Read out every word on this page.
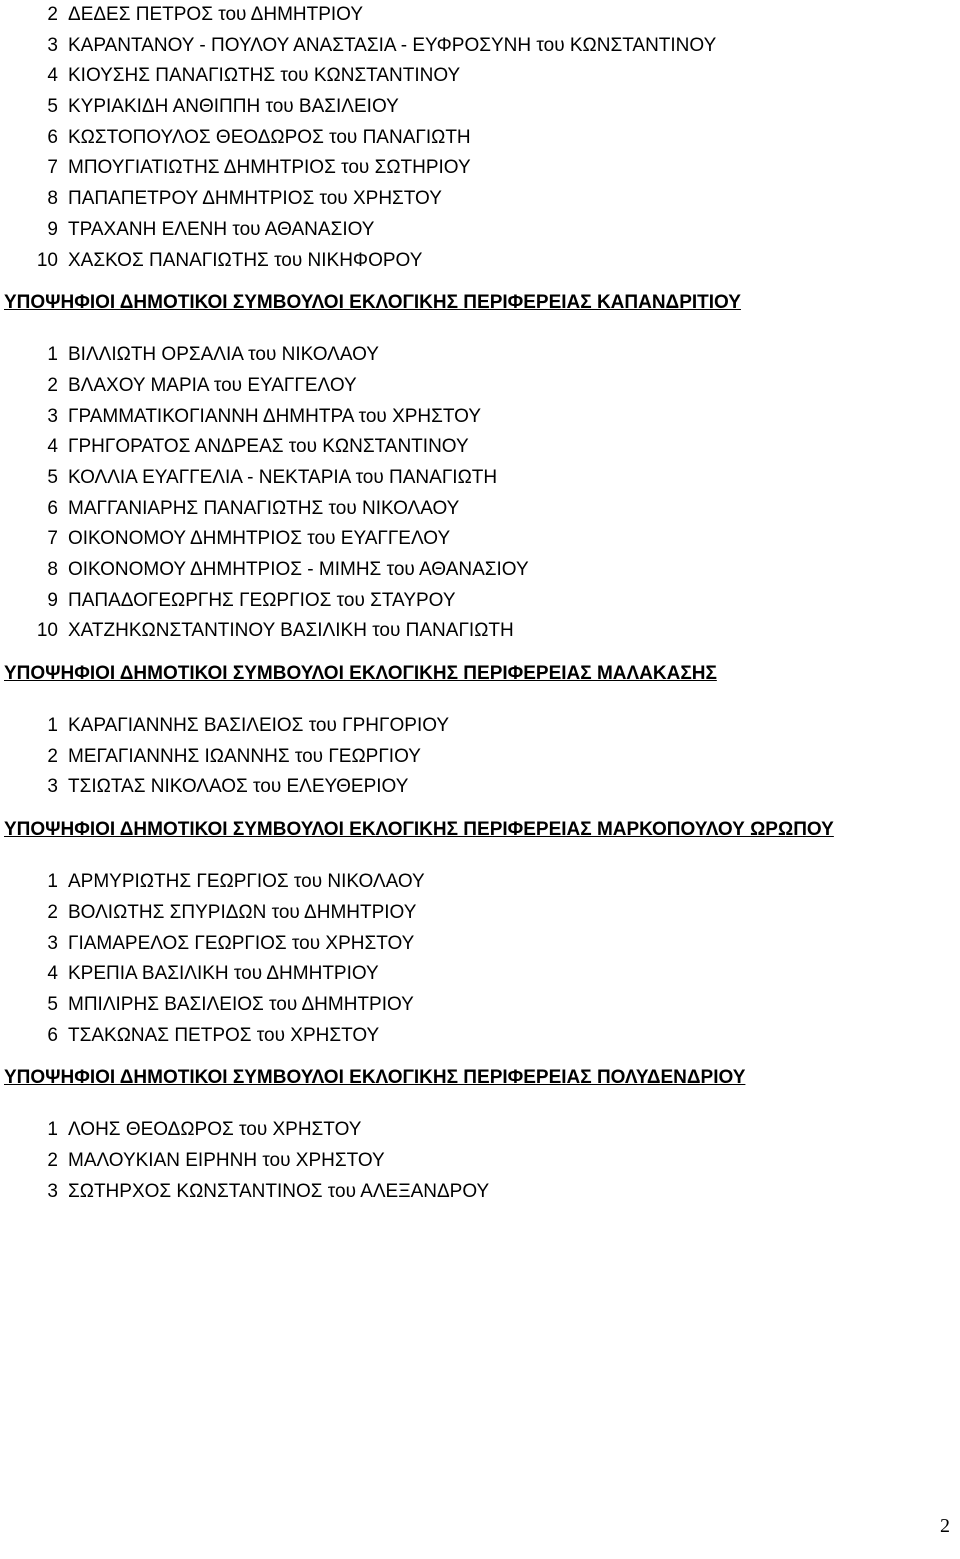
2 ΔΕΔΕΣ ΠΕΤΡΟΣ του ΔΗΜΗΤΡΙΟΥ
3 ΚΑΡΑΝΤΑΝΟΥ - ΠΟΥΛΟΥ ΑΝΑΣΤΑΣΙΑ - ΕΥΦΡΟΣΥΝΗ του ΚΩΝΣΤΑΝΤΙΝΟΥ
4 ΚΙΟΥΣΗΣ ΠΑΝΑΓΙΩΤΗΣ του ΚΩΝΣΤΑΝΤΙΝΟΥ
5 ΚΥΡΙΑΚΙΔΗ ΑΝΘΙΠΠΗ του ΒΑΣΙΛΕΙΟΥ
6 ΚΩΣΤΟΠΟΥΛΟΣ ΘΕΟΔΩΡΟΣ του ΠΑΝΑΓΙΩΤΗ
7 ΜΠΟΥΓΙΑΤΙΩΤΗΣ ΔΗΜΗΤΡΙΟΣ του ΣΩΤΗΡΙΟΥ
8 ΠΑΠΑΠΕΤΡΟΥ ΔΗΜΗΤΡΙΟΣ του ΧΡΗΣΤΟΥ
9 ΤΡΑΧΑΝΗ ΕΛΕΝΗ του ΑΘΑΝΑΣΙΟΥ
10 ΧΑΣΚΟΣ ΠΑΝΑΓΙΩΤΗΣ του ΝΙΚΗΦΟΡΟΥ
ΥΠΟΨΗΦΙΟΙ ΔΗΜΟΤΙΚΟΙ ΣΥΜΒΟΥΛΟΙ ΕΚΛΟΓΙΚΗΣ ΠΕΡΙΦΕΡΕΙΑΣ ΚΑΠΑΝΔΡΙΤΙΟΥ
1 ΒΙΛΛΙΩΤΗ ΟΡΣΑΛΙΑ του ΝΙΚΟΛΑΟΥ
2 ΒΛΑΧΟΥ ΜΑΡΙΑ του ΕΥΑΓΓΕΛΟΥ
3 ΓΡΑΜΜΑΤΙΚΟΓΙΑΝΝΗ ΔΗΜΗΤΡΑ του ΧΡΗΣΤΟΥ
4 ΓΡΗΓΟΡΑΤΟΣ ΑΝΔΡΕΑΣ του ΚΩΝΣΤΑΝΤΙΝΟΥ
5 ΚΟΛΛΙΑ ΕΥΑΓΓΕΛΙΑ - ΝΕΚΤΑΡΙΑ του ΠΑΝΑΓΙΩΤΗ
6 ΜΑΓΓΑΝΙΑΡΗΣ ΠΑΝΑΓΙΩΤΗΣ του ΝΙΚΟΛΑΟΥ
7 ΟΙΚΟΝΟΜΟΥ ΔΗΜΗΤΡΙΟΣ του ΕΥΑΓΓΕΛΟΥ
8 ΟΙΚΟΝΟΜΟΥ ΔΗΜΗΤΡΙΟΣ - ΜΙΜΗΣ του ΑΘΑΝΑΣΙΟΥ
9 ΠΑΠΑΔΟΓΕΩΡΓΗΣ ΓΕΩΡΓΙΟΣ του ΣΤΑΥΡΟΥ
10 ΧΑΤΖΗΚΩΝΣΤΑΝΤΙΝΟΥ ΒΑΣΙΛΙΚΗ του ΠΑΝΑΓΙΩΤΗ
ΥΠΟΨΗΦΙΟΙ ΔΗΜΟΤΙΚΟΙ ΣΥΜΒΟΥΛΟΙ ΕΚΛΟΓΙΚΗΣ ΠΕΡΙΦΕΡΕΙΑΣ ΜΑΛΑΚΑΣΗΣ
1 ΚΑΡΑΓΙΑΝΝΗΣ ΒΑΣΙΛΕΙΟΣ του ΓΡΗΓΟΡΙΟΥ
2 ΜΕΓΑΓΙΑΝΝΗΣ ΙΩΑΝΝΗΣ του ΓΕΩΡΓΙΟΥ
3 ΤΣΙΩΤΑΣ ΝΙΚΟΛΑΟΣ του ΕΛΕΥΘΕΡΙΟΥ
ΥΠΟΨΗΦΙΟΙ ΔΗΜΟΤΙΚΟΙ ΣΥΜΒΟΥΛΟΙ ΕΚΛΟΓΙΚΗΣ ΠΕΡΙΦΕΡΕΙΑΣ ΜΑΡΚΟΠΟΥΛΟΥ ΩΡΩΠΟΥ
1 ΑΡΜΥΡΙΩΤΗΣ ΓΕΩΡΓΙΟΣ του ΝΙΚΟΛΑΟΥ
2 ΒΟΛΙΩΤΗΣ ΣΠΥΡΙΔΩΝ του ΔΗΜΗΤΡΙΟΥ
3 ΓΙΑΜΑΡΕΛΟΣ ΓΕΩΡΓΙΟΣ του ΧΡΗΣΤΟΥ
4 ΚΡΕΠΙΑ ΒΑΣΙΛΙΚΗ του ΔΗΜΗΤΡΙΟΥ
5 ΜΠΙΛΙΡΗΣ ΒΑΣΙΛΕΙΟΣ του ΔΗΜΗΤΡΙΟΥ
6 ΤΣΑΚΩΝΑΣ ΠΕΤΡΟΣ του ΧΡΗΣΤΟΥ
ΥΠΟΨΗΦΙΟΙ ΔΗΜΟΤΙΚΟΙ ΣΥΜΒΟΥΛΟΙ ΕΚΛΟΓΙΚΗΣ ΠΕΡΙΦΕΡΕΙΑΣ ΠΟΛΥΔΕΝΔΡΙΟΥ
1 ΛΟΗΣ ΘΕΟΔΩΡΟΣ του ΧΡΗΣΤΟΥ
2 ΜΑΛΟΥΚΙΑΝ ΕΙΡΗΝΗ του ΧΡΗΣΤΟΥ
3 ΣΩΤΗΡΧΟΣ ΚΩΝΣΤΑΝΤΙΝΟΣ του ΑΛΕΞΑΝΔΡΟΥ
2
